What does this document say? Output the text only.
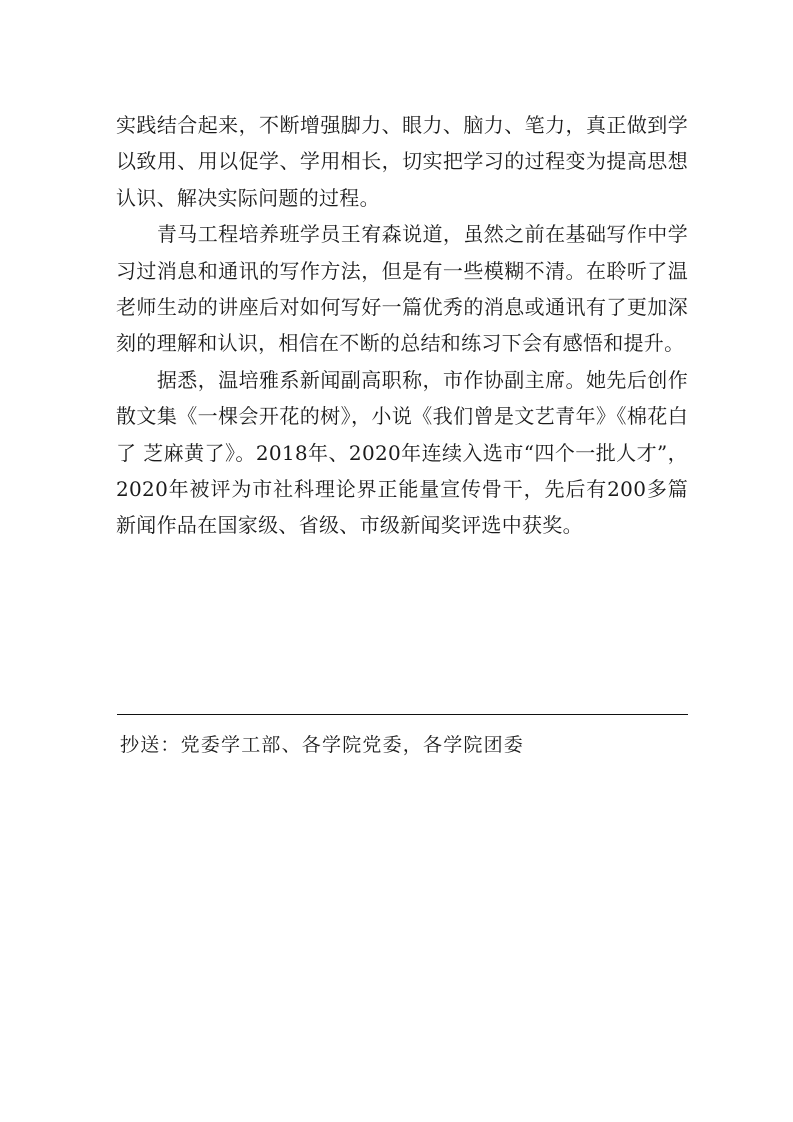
实践结合起来，不断增强脚力、眼力、脑力、笔力，真正做到学以致用、用以促学、学用相长，切实把学习的过程变为提高思想认识、解决实际问题的过程。

　　青马工程培养班学员王宥森说道，虽然之前在基础写作中学习过消息和通讯的写作方法，但是有一些模糊不清。在聆听了温老师生动的讲座后对如何写好一篇优秀的消息或通讯有了更加深刻的理解和认识，相信在不断的总结和练习下会有感悟和提升。

　　据悉，温培雅系新闻副高职称，市作协副主席。她先后创作散文集《一棵会开花的树》，小说《我们曾是文艺青年》《棉花白了 芝麻黄了》。2018年、2020年连续入选市“四个一批人才”，2020年被评为市社科理论界正能量宣传骨干，先后有200多篇新闻作品在国家级、省级、市级新闻奖评选中获奖。

抄送：党委学工部、各学院党委，各学院团委
